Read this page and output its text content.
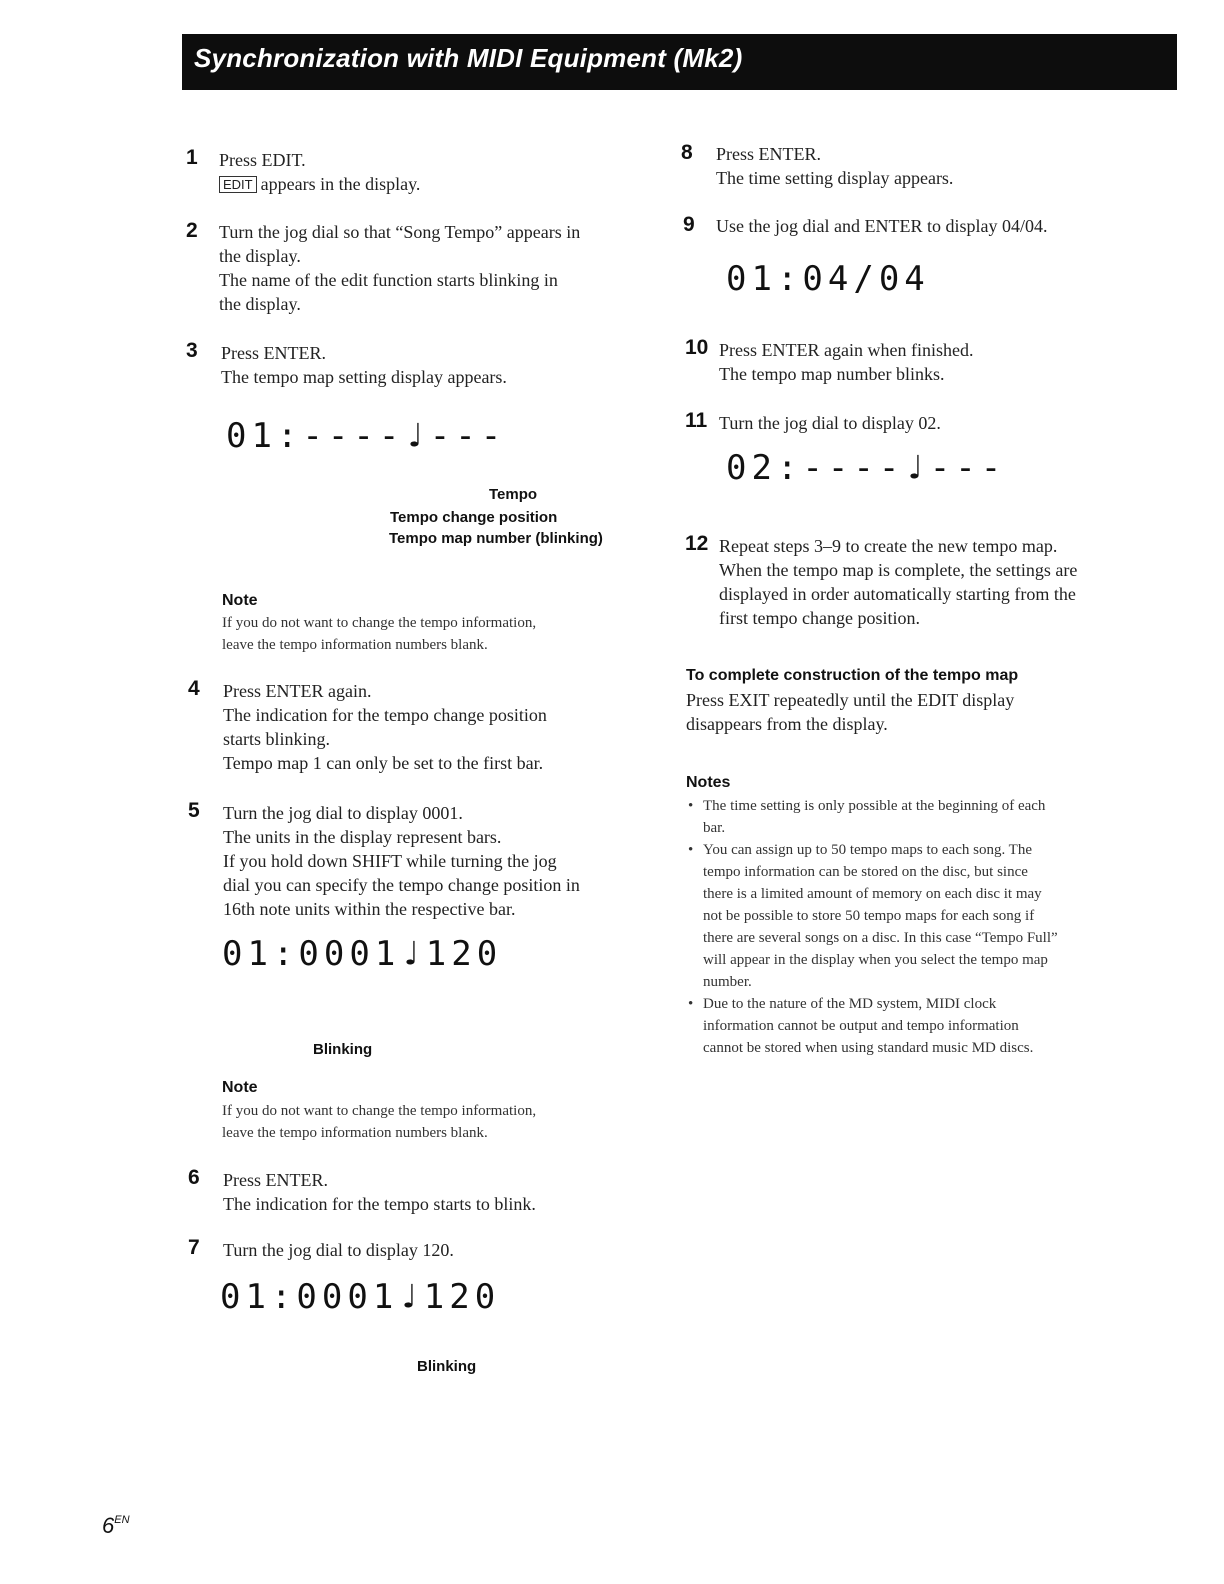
Synchronization with MIDI Equipment (Mk2)
1 Press EDIT.
EDIT appears in the display.
2 Turn the jog dial so that “Song Tempo” appears in
the display.
The name of the edit function starts blinking in
the display.
3 Press ENTER.
The tempo map setting display appears.
01:----♩---
Tempo
Tempo change position
Tempo map number (blinking)
Note
If you do not want to change the tempo information,
leave the tempo information numbers blank.
4 Press ENTER again.
The indication for the tempo change position
starts blinking.
Tempo map 1 can only be set to the first bar.
5 Turn the jog dial to display 0001.
The units in the display represent bars.
If you hold down SHIFT while turning the jog
dial you can specify the tempo change position in
16th note units within the respective bar.
01:0001♩120
Blinking
Note
If you do not want to change the tempo information,
leave the tempo information numbers blank.
6 Press ENTER.
The indication for the tempo starts to blink.
7 Turn the jog dial to display 120.
01:0001♩120
Blinking
8 Press ENTER.
The time setting display appears.
9 Use the jog dial and ENTER to display 04/04.
01:04/04
10 Press ENTER again when finished.
The tempo map number blinks.
11 Turn the jog dial to display 02.
02:----♩---
12 Repeat steps 3–9 to create the new tempo map.
When the tempo map is complete, the settings are
displayed in order automatically starting from the
first tempo change position.
To complete construction of the tempo map
Press EXIT repeatedly until the EDIT display
disappears from the display.
Notes
• The time setting is only possible at the beginning of each
bar.
• You can assign up to 50 tempo maps to each song. The
tempo information can be stored on the disc, but since
there is a limited amount of memory on each disc it may
not be possible to store 50 tempo maps for each song if
there are several songs on a disc. In this case “Tempo Full”
will appear in the display when you select the tempo map
number.
• Due to the nature of the MD system, MIDI clock
information cannot be output and tempo information
cannot be stored when using standard music MD discs.
$6^{EN}$
